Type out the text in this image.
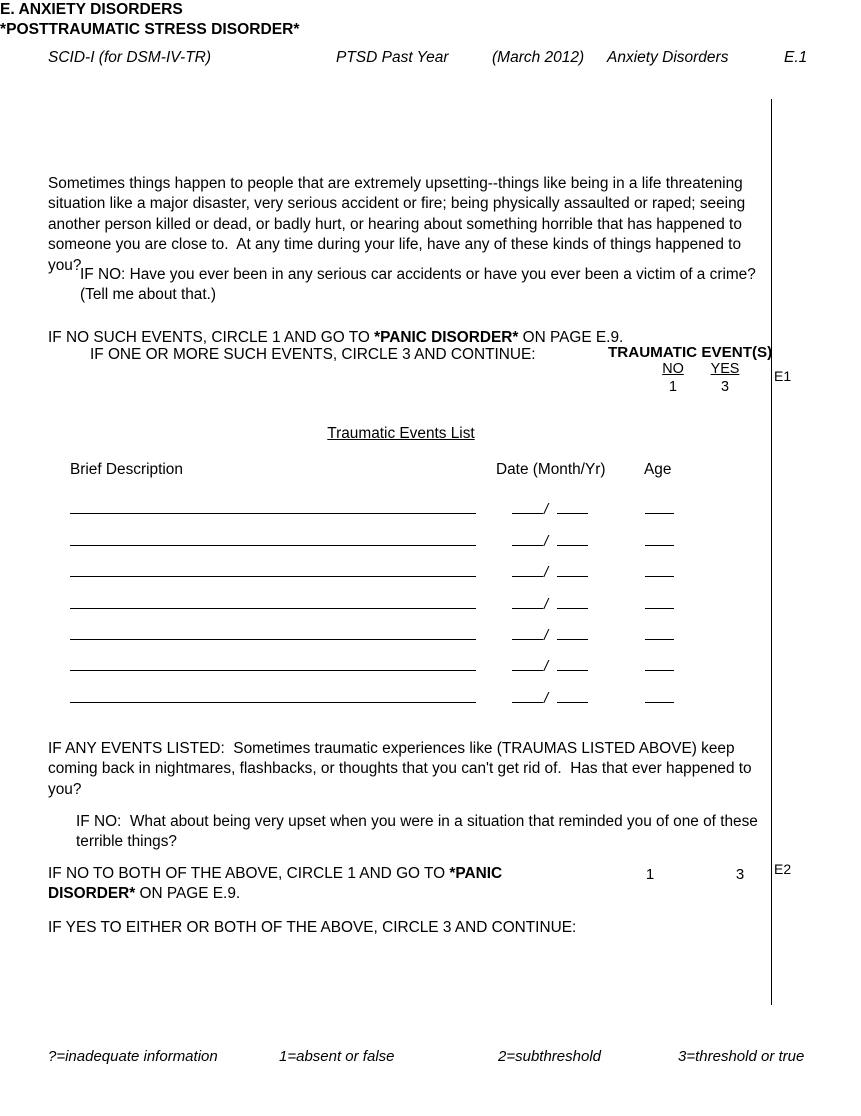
SCID-I (for DSM-IV-TR)	PTSD Past Year	(March 2012) Anxiety Disorders	E.1
E1
E2
E. ANXIETY DISORDERS
*POSTTRAUMATIC STRESS DISORDER*
Sometimes things happen to people that are extremely upsetting--things like being in a life threatening situation like a major disaster, very serious accident or fire; being physically assaulted or raped; seeing another person killed or dead, or badly hurt, or hearing about something horrible that has happened to someone you are close to.  At any time during your life, have any of these kinds of things happened to you?
IF NO: Have you ever been in any serious car accidents or have you ever been a victim of a crime? (Tell me about that.)
IF NO SUCH EVENTS, CIRCLE 1 AND GO TO *PANIC DISORDER* ON PAGE E.9.
IF ONE OR MORE SUCH EVENTS, CIRCLE 3 AND CONTINUE:	TRAUMATIC EVENT(S)
NO
1
YES
3
Traumatic Events List
Brief Description	Date (Month/Yr)	Age
/
/
/
/
/
/
/
IF ANY EVENTS LISTED:  Sometimes traumatic experiences like (TRAUMAS LISTED ABOVE) keep coming back in nightmares, flashbacks, or thoughts that you can't get rid of.  Has that ever happened to you?
IF NO:  What about being very upset when you were in a situation that reminded you of one of these terrible things?
IF NO TO BOTH OF THE ABOVE, CIRCLE 1 AND GO TO *PANIC DISORDER* ON PAGE E.9.
1	3
IF YES TO EITHER OR BOTH OF THE ABOVE, CIRCLE 3 AND CONTINUE:
?=inadequate information	1=absent or false	2=subthreshold	3=threshold or true
